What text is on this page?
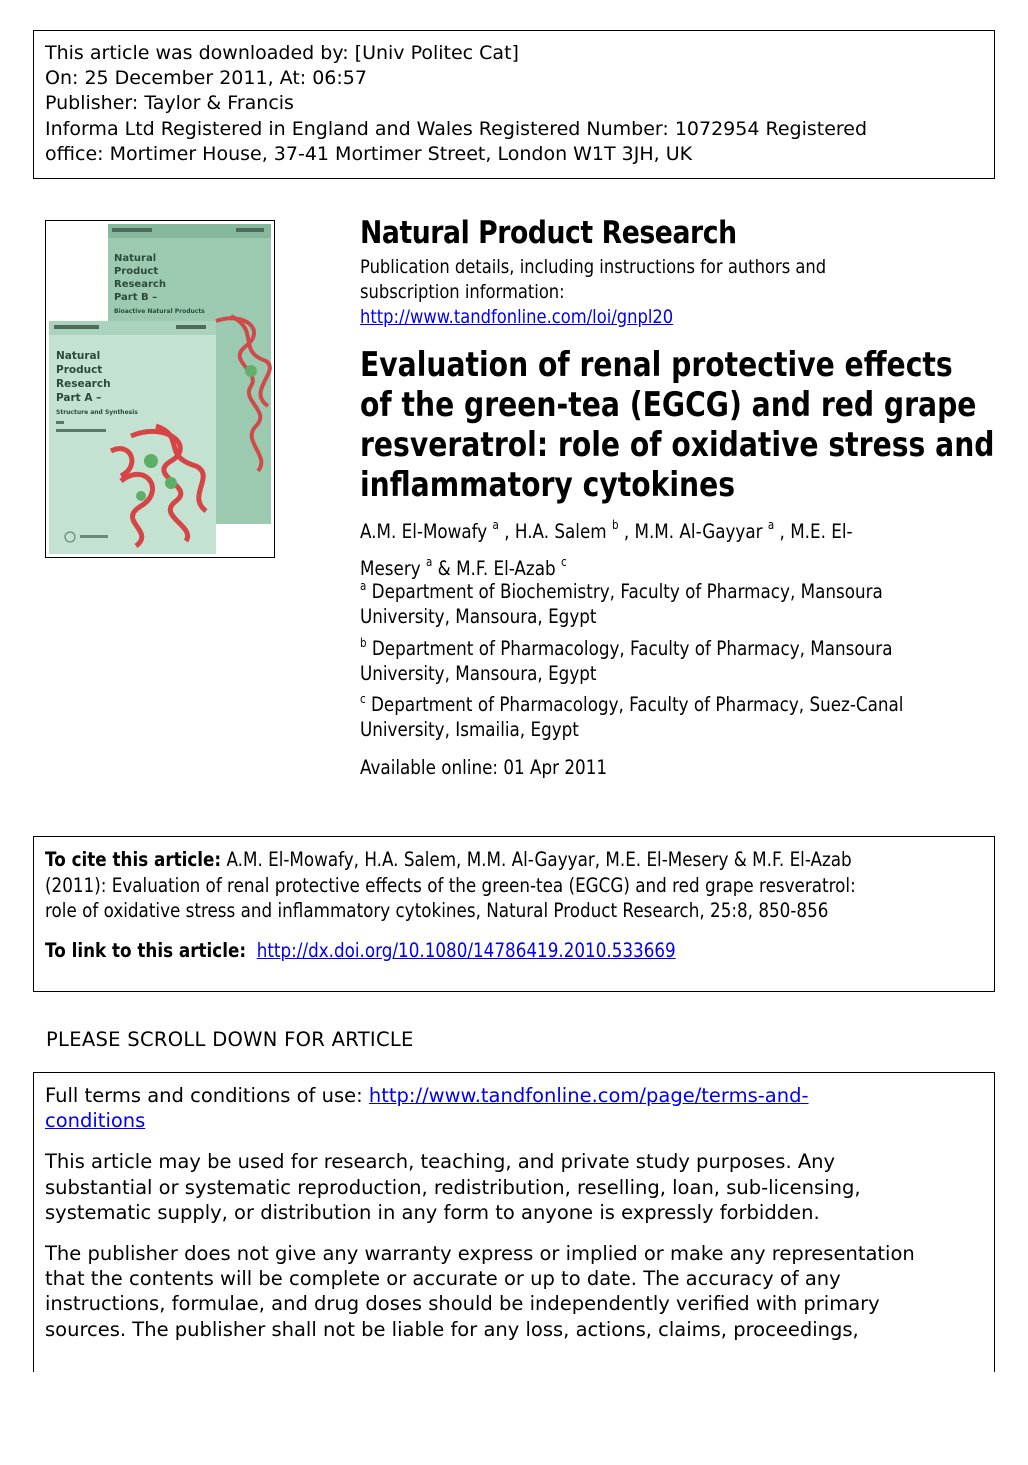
This article was downloaded by: [Univ Politec Cat]
On: 25 December 2011, At: 06:57
Publisher: Taylor & Francis
Informa Ltd Registered in England and Wales Registered Number: 1072954 Registered
office: Mortimer House, 37-41 Mortimer Street, London W1T 3JH, UK
Natural
Product
Research
Part B –
Bioactive Natural Products
Natural
Product
Research
Part A –
Structure and Synthesis
Natural Product Research
Publication details, including instructions for authors and
subscription information:
http://www.tandfonline.com/loi/gnpl20
Evaluation of renal protective effects
of the green-tea (EGCG) and red grape
resveratrol: role of oxidative stress and
inflammatory cytokines
A.M. El-Mowafy $^a$ , H.A. Salem $^b$ , M.M. Al-Gayyar $^a$ , M.E. El-
Mesery $^a$ & M.F. El-Azab $^c$
$^a$ Department of Biochemistry, Faculty of Pharmacy, Mansoura
University, Mansoura, Egypt
$^b$ Department of Pharmacology, Faculty of Pharmacy, Mansoura
University, Mansoura, Egypt
$^c$ Department of Pharmacology, Faculty of Pharmacy, Suez-Canal
University, Ismailia, Egypt
Available online: 01 Apr 2011
To cite this article: A.M. El-Mowafy, H.A. Salem, M.M. Al-Gayyar, M.E. El-Mesery & M.F. El-Azab
(2011): Evaluation of renal protective effects of the green-tea (EGCG) and red grape resveratrol:
role of oxidative stress and inflammatory cytokines, Natural Product Research, 25:8, 850-856
To link to this article: http://dx.doi.org/10.1080/14786419.2010.533669
PLEASE SCROLL DOWN FOR ARTICLE

Full terms and conditions of use: http://www.tandfonline.com/page/terms-and-
conditions

This article may be used for research, teaching, and private study purposes. Any
substantial or systematic reproduction, redistribution, reselling, loan, sub-licensing,
systematic supply, or distribution in any form to anyone is expressly forbidden.

The publisher does not give any warranty express or implied or make any representation
that the contents will be complete or accurate or up to date. The accuracy of any
instructions, formulae, and drug doses should be independently verified with primary
sources. The publisher shall not be liable for any loss, actions, claims, proceedings,
